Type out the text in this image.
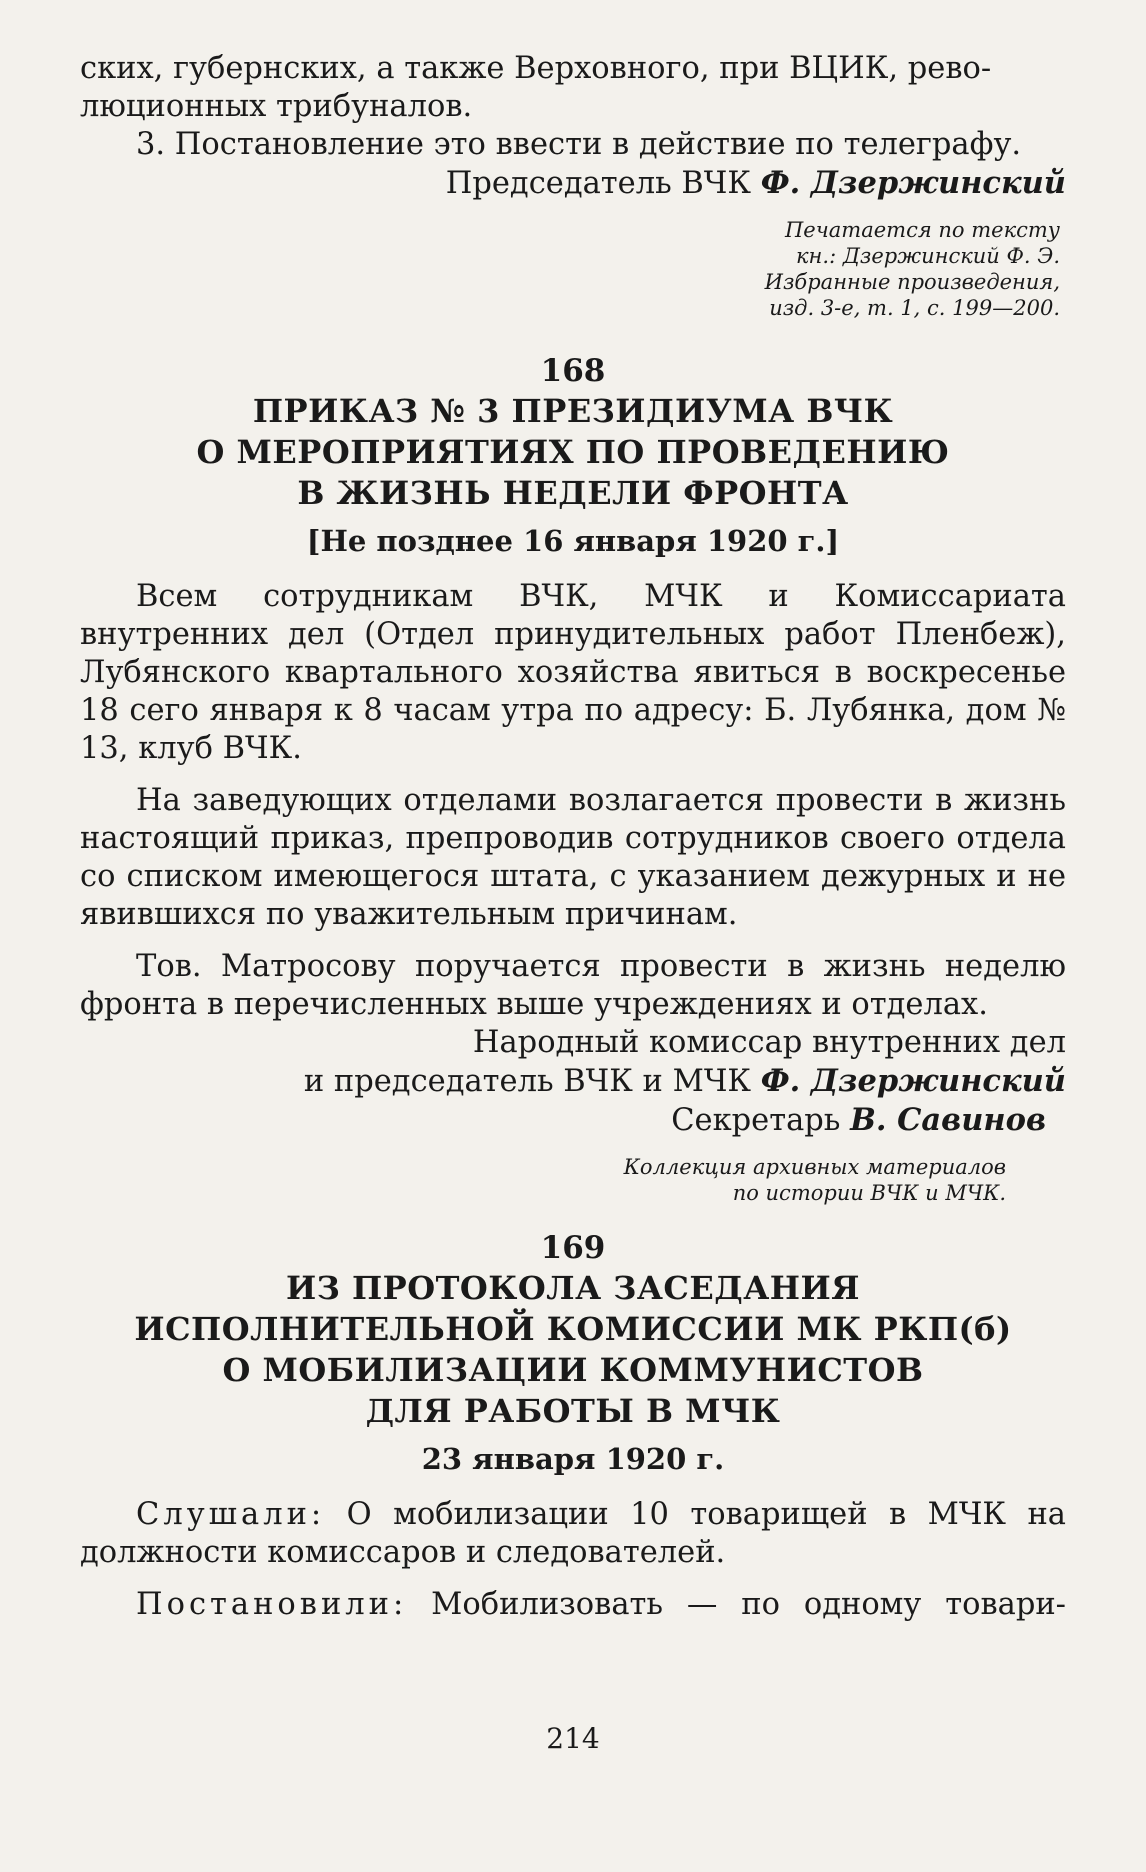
ских, губернских, а также Верховного, при ВЦИК, рево-

люционных трибуналов.

3. Постановление это ввести в действие по телеграфу.

Председатель ВЧК Ф. Дзержинский

Печатается по тексту
кн.: Дзержинский Ф. Э.
Избранные произведения,
изд. 3-е, т. 1, с. 199—200.
168
ПРИКАЗ № 3 ПРЕЗИДИУМА ВЧК
О МЕРОПРИЯТИЯХ ПО ПРОВЕДЕНИЮ
В ЖИЗНЬ НЕДЕЛИ ФРОНТА
[Не позднее 16 января 1920 г.]

Всем сотрудникам ВЧК, МЧК и Комиссариата внутренних дел (Отдел принудительных работ Пленбеж), Лубянского квартального хозяйства явиться в воскресенье 18 сего января к 8 часам утра по адресу: Б. Лубянка, дом № 13, клуб ВЧК.

На заведующих отделами возлагается провести в жизнь настоящий приказ, препроводив сотрудников своего отдела со списком имеющегося штата, с указанием дежурных и не явившихся по уважительным причинам.

Тов. Матросову поручается провести в жизнь неделю фронта в перечисленных выше учреждениях и отделах.

Народный комиссар внутренних дел

и председатель ВЧК и МЧК Ф. Дзержинский

Секретарь В. Савинов

Коллекция архивных материалов
по истории ВЧК и МЧК.
169
ИЗ ПРОТОКОЛА ЗАСЕДАНИЯ
ИСПОЛНИТЕЛЬНОЙ КОМИССИИ МК РКП(б)
О МОБИЛИЗАЦИИ КОММУНИСТОВ
ДЛЯ РАБОТЫ В МЧК
23 января 1920 г.

Слушали: О мобилизации 10 товарищей в МЧК на должности комиссаров и следователей.

Постановили: Мобилизовать — по одному товари-

214
